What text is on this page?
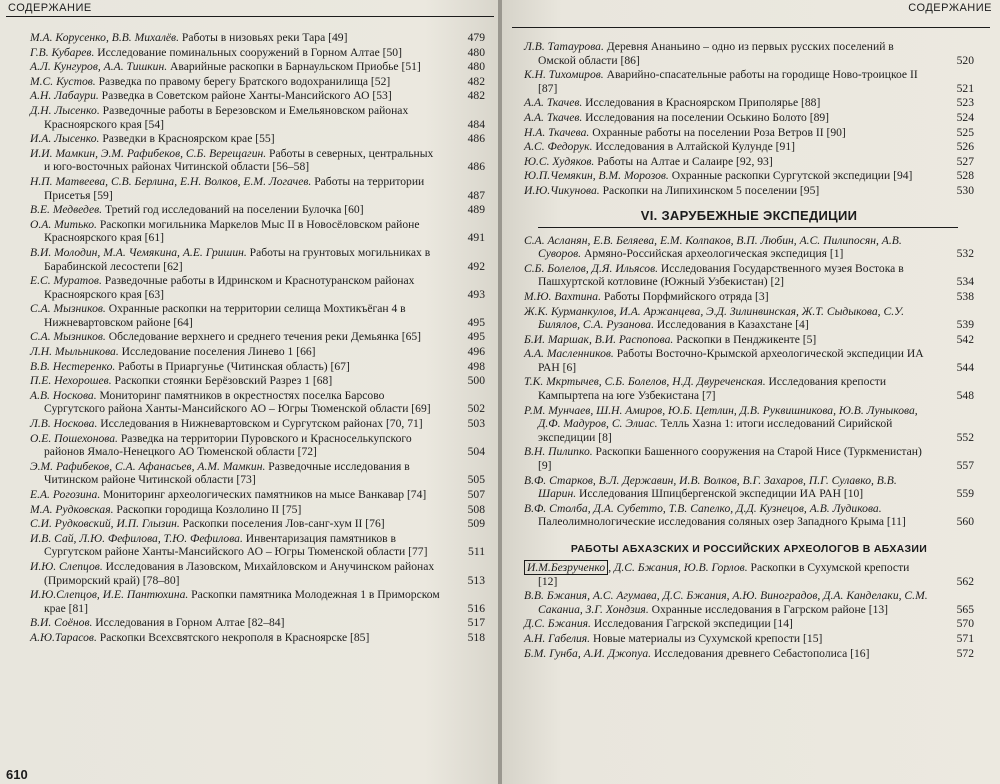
СОДЕРЖАНИЕ
М.А. Корусенко, В.В. Михалёв. Работы в низовьях реки Тара [49]	479
Г.В. Кубарев. Исследование поминальных сооружений в Горном Алтае [50]	480
А.Л. Кунгуров, А.А. Тишкин. Аварийные раскопки в Барнаульском Приобье [51]	480
М.С. Кустов. Разведка по правому берегу Братского водохранилища [52]	482
А.Н. Лабаури. Разведка в Советском районе Ханты-Мансийского АО [53]	482
Д.Н. Лысенко. Разведочные работы в Березовском и Емельяновском районах Красноярского края [54]	484
И.А. Лысенко. Разведки в Красноярском крае [55]	486
И.И. Мамкин, Э.М. Рафибеков, С.Б. Верещагин. Работы в северных, центральных и юго-восточных районах Читинской области [56–58]	486
Н.П. Матвеева, С.В. Берлина, Е.Н. Волков, Е.М. Логачев. Работы на территории Присетья [59]	487
В.Е. Медведев. Третий год исследований на поселении Булочка [60]	489
О.А. Митько. Раскопки могильника Маркелов Мыс II в Новосёловском районе Красноярского края [61]	491
В.И. Молодин, М.А. Чемякина, А.Е. Гришин. Работы на грунтовых могильниках в Барабинской лесостепи [62]	492
Е.С. Муратов. Разведочные работы в Идринском и Краснотуранском районах Красноярского края [63]	493
С.А. Мызников. Охранные раскопки на территории селища Мохтикъёган 4 в Нижневартовском районе [64]	495
С.А. Мызников. Обследование верхнего и среднего течения реки Демьянка [65]	495
Л.Н. Мыльникова. Исследование поселения Линево 1 [66]	496
В.В. Нестеренко. Работы в Приаргунье (Читинская область) [67]	498
П.Е. Нехорошев. Раскопки стоянки Берёзовский Разрез 1 [68]	500
А.В. Носкова. Мониторинг памятников в окрестностях поселка Барсово Сургутского района Ханты-Мансийского АО – Югры Тюменской области [69]	502
Л.В. Носкова. Исследования в Нижневартовском и Сургутском районах [70, 71]	503
О.Е. Пошехонова. Разведка на территории Пуровского и Красноселькупского районов Ямало-Ненецкого АО Тюменской области [72]	504
Э.М. Рафибеков, С.А. Афанасьев, А.М. Мамкин. Разведочные исследования в Читинском районе Читинской области [73]	505
Е.А. Рогозина. Мониторинг археологических памятников на мысе Ванкавар [74]	507
М.А. Рудковская. Раскопки городища Козлолино II [75]	508
С.И. Рудковский, И.П. Глызин. Раскопки поселения Лов-санг-хум II [76]	509
И.В. Сай, Л.Ю. Фефилова, Т.Ю. Фефилова. Инвентаризация памятников в Сургутском районе Ханты-Мансийского АО – Югры Тюменской области [77]	511
И.Ю. Слепцов. Исследования в Лазовском, Михайловском и Анучинском районах (Приморский край) [78–80]	513
И.Ю.Слепцов, И.Е. Пантюхина. Раскопки памятника Молодежная 1 в Приморском крае [81]	516
В.И. Соёнов. Исследования в Горном Алтае [82–84]	517
А.Ю.Тарасов. Раскопки Всехсвятского некрополя в Красноярске [85]	518
610
СОДЕРЖАНИЕ
Л.В. Татаурова. Деревня Ананьино – одно из первых русских поселений в Омской области [86]	520
К.Н. Тихомиров. Аварийно-спасательные работы на городище Ново-троицкое II [87]	521
А.А. Ткачев. Исследования в Красноярском Приполярье [88]	523
А.А. Ткачев. Исследования на поселении Оськино Болото [89]	524
Н.А. Ткачева. Охранные работы на поселении Роза Ветров II [90]	525
А.С. Федорук. Исследования в Алтайской Кулунде [91]	526
Ю.С. Худяков. Работы на Алтае и Салаире [92, 93]	527
Ю.П.Чемякин, В.М. Морозов. Охранные раскопки Сургутской экспедиции [94]	528
И.Ю.Чикунова. Раскопки на Липихинском 5 поселении [95]	530
VI. ЗАРУБЕЖНЫЕ ЭКСПЕДИЦИИ
С.А. Асланян, Е.В. Беляева, Е.М. Колпаков, В.П. Любин, А.С. Пилипосян, А.В. Суворов. Армяно-Российская археологическая экспедиция [1]	532
С.Б. Болелов, Д.Я. Ильясов. Исследования Государственного музея Востока в Пашхуртской котловине (Южный Узбекистан) [2]	534
М.Ю. Вахтина. Работы Порфмийского отряда [3]	538
Ж.К. Курманкулов, И.А. Аржанцева, Э.Д. Зилинвинская, Ж.Т. Сыдыкова, С.У. Билялов, С.А. Рузанова. Исследования в Казахстане [4]	539
Б.И. Маршак, В.И. Распопова. Раскопки в Пенджикенте [5]	542
А.А. Масленников. Работы Восточно-Крымской археологической экспедиции ИА РАН [6]	544
Т.К. Мкртычев, С.Б. Болелов, Н.Д. Двуреченская. Исследования крепости Кампыртепа на юге Узбекистана [7]	548
Р.М. Мунчаев, Ш.Н. Амиров, Ю.Б. Цетлин, Д.В. Руквишникова, Ю.В. Луныкова, Д.Ф. Мадуров, С. Элиас. Телль Хазна 1: итоги исследований Сирийской экспедиции [8]	552
В.Н. Пилипко. Раскопки Башенного сооружения на Старой Нисе (Туркменистан) [9]	557
В.Ф. Старков, В.Л. Державин, И.В. Волков, В.Г. Захаров, П.Г. Сулавко, В.В. Шарин. Исследования Шпицбергенской экспедиции ИА РАН [10]	559
В.Ф. Столба, Д.А. Субетто, Т.В. Сапелко, Д.Д. Кузнецов, А.В. Лудикова. Палеолимнологические исследования соляных озер Западного Крыма [11]	560
РАБОТЫ АБХАЗСКИХ И РОССИЙСКИХ АРХЕОЛОГОВ В АБХАЗИИ
И.М.Безрученко , Д.С. Бжания, Ю.В. Горлов. Раскопки в Сухумской крепости [12]	562
В.В. Бжания, А.С. Агумава, Д.С. Бжания, А.Ю. Виноградов, Д.А. Канделаки, С.М. Саканиа, З.Г. Хондзия. Охранные исследования в Гагрском районе [13]	565
Д.С. Бжания. Исследования Гагрской экспедиции [14]	570
А.Н. Габелия. Новые материалы из Сухумской крепости [15]	571
Б.М. Гунба, А.И. Джопуа. Исследования древнего Себастополиса [16]	572
